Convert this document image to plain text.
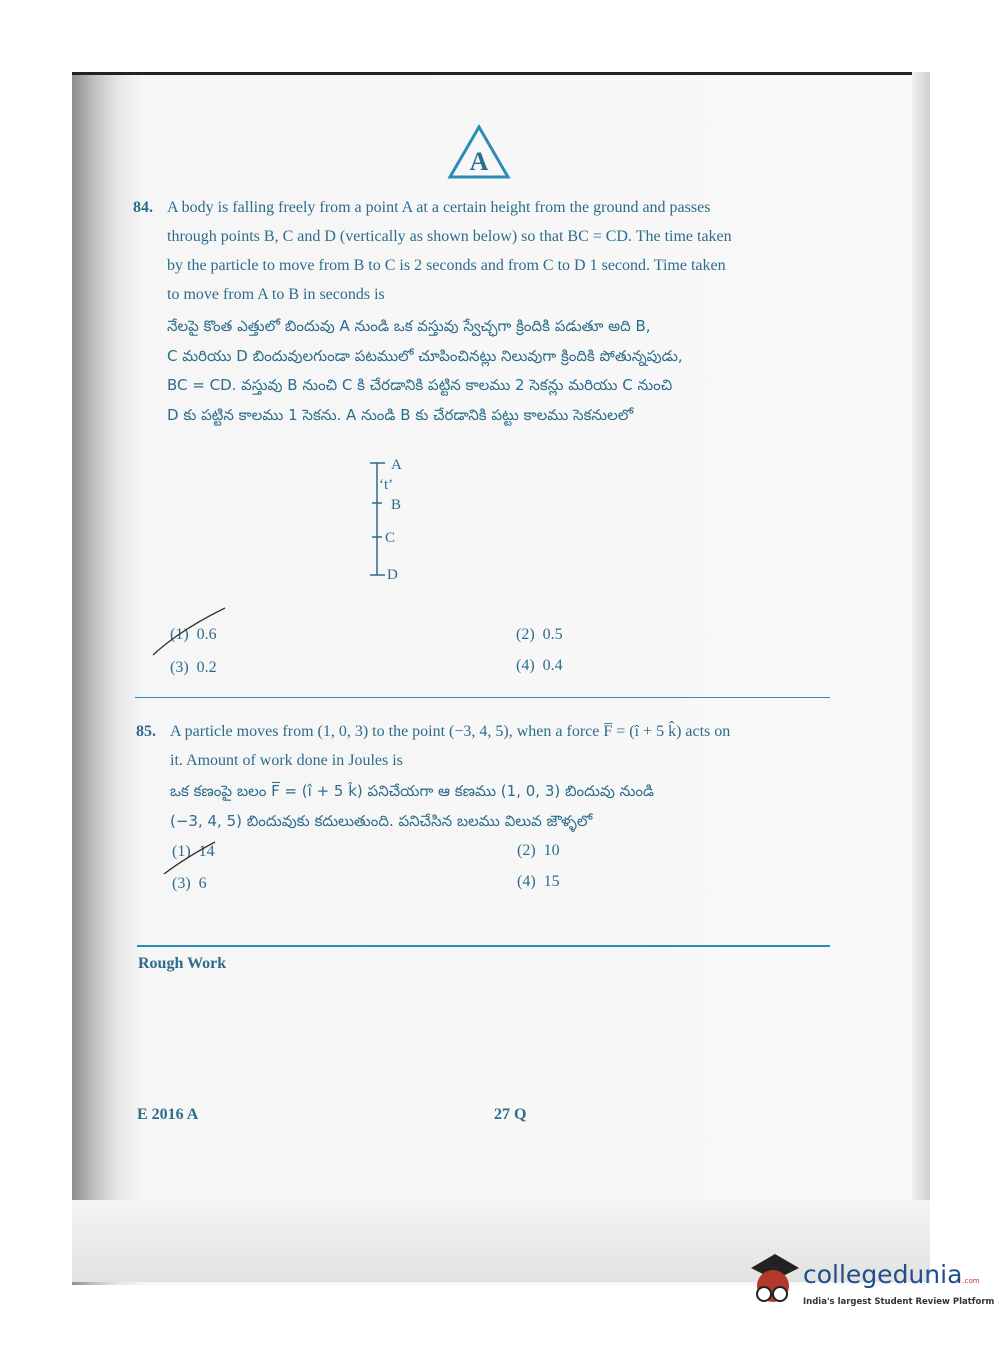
A
84. A body is falling freely from a point A at a certain height from the ground and passes
through points B, C and D (vertically as shown below) so that BC = CD. The time taken
by the particle to move from B to C is 2 seconds and from C to D 1 second. Time taken
to move from A to B in seconds is
నేలపై కొంత ఎత్తులో బిందువు A నుండి ఒక వస్తువు స్వేచ్ఛగా క్రిందికి పడుతూ అది B,
C మరియు D బిందువులగుండా పటములో చూపించినట్లు నిలువుగా క్రిందికి పోతున్నపుడు,
BC = CD. వస్తువు B నుంచి C కి చేరడానికి పట్టిన కాలము 2 సెకన్లు మరియు C నుంచి
D కు పట్టిన కాలము 1 సెకను. A నుండి B కు చేరడానికి పట్టు కాలము సెకనులలో
A
‘t’
B
C
D
(1) 0.6	(2) 0.5
(3) 0.2	(4) 0.4
85. A particle moves from (1, 0, 3) to the point (−3, 4, 5), when a force F̅ = (î + 5 k̂) acts on
it. Amount of work done in Joules is
ఒక కణంపై బలం F̅ = (î + 5 k̂) పనిచేయగా ఆ కణము (1, 0, 3) బిందువు నుండి
(−3, 4, 5) బిందువుకు కదులుతుంది. పనిచేసిన బలము విలువ జౌళ్ళలో
(1) 14	(2) 10
(3) 6	(4) 15
Rough Work
E 2016 A	27 Q
collegedunia.com
India's largest Student Review Platform
